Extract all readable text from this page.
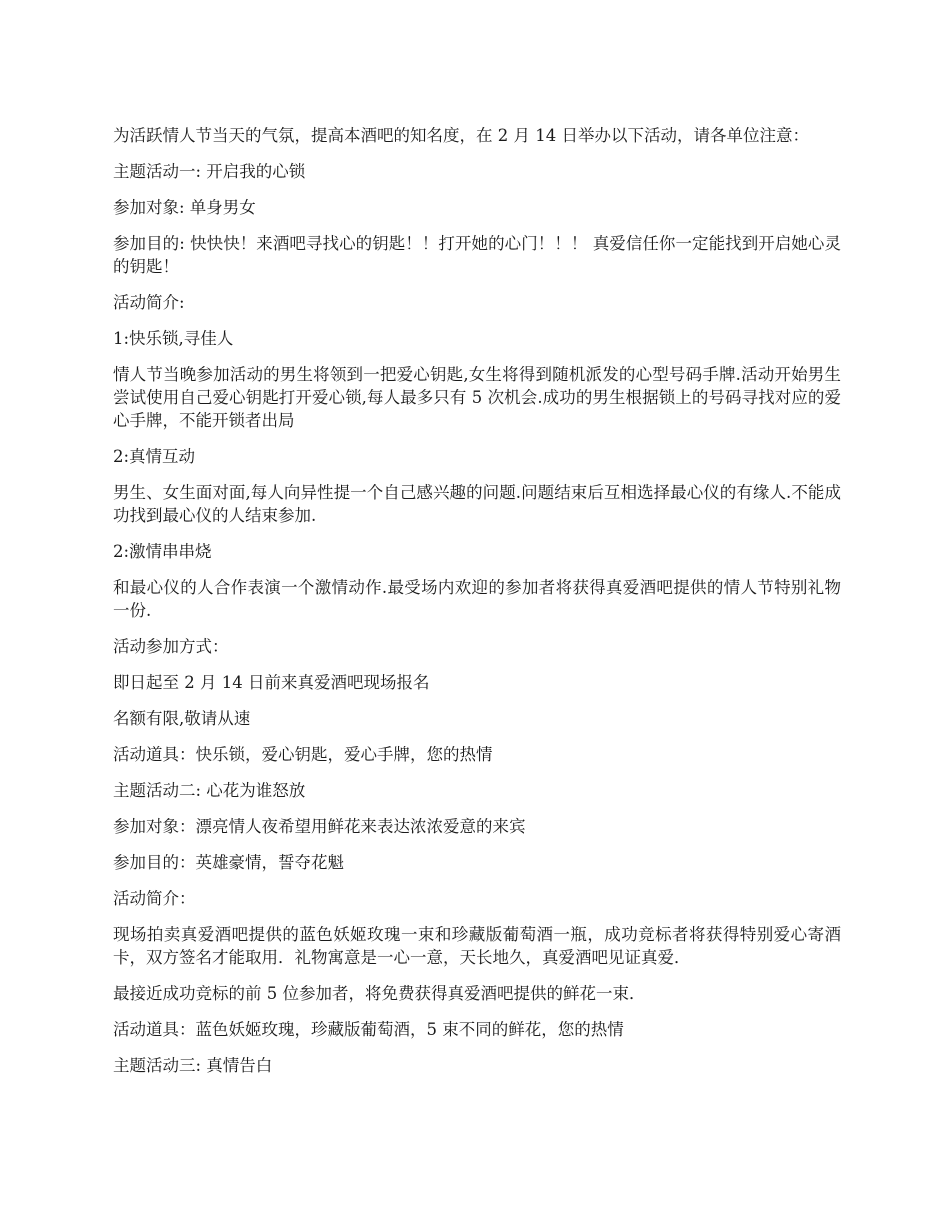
为活跃情人节当天的气氛，提高本酒吧的知名度，在 2 月 14 日举办以下活动，请各单位注意：

主题活动一: 开启我的心锁

参加对象: 单身男女

参加目的: 快快快！来酒吧寻找心的钥匙！！打开她的心门！！！ 真爱信任你一定能找到开启她心灵的钥匙！

活动简介:

1:快乐锁,寻佳人

情人节当晚参加活动的男生将领到一把爱心钥匙,女生将得到随机派发的心型号码手牌.活动开始男生尝试使用自己爱心钥匙打开爱心锁,每人最多只有 5 次机会.成功的男生根据锁上的号码寻找对应的爱心手牌，不能开锁者出局

2:真情互动

男生、女生面对面,每人向异性提一个自己感兴趣的问题.问题结束后互相选择最心仪的有缘人.不能成功找到最心仪的人结束参加.

2:激情串串烧

和最心仪的人合作表演一个激情动作.最受场内欢迎的参加者将获得真爱酒吧提供的情人节特别礼物一份.

活动参加方式：

即日起至 2 月 14 日前来真爱酒吧现场报名

名额有限,敬请从速

活动道具：快乐锁，爱心钥匙，爱心手牌，您的热情

主题活动二: 心花为谁怒放

参加对象：漂亮情人夜希望用鲜花来表达浓浓爱意的来宾

参加目的：英雄豪情，誓夺花魁

活动简介：

现场拍卖真爱酒吧提供的蓝色妖姬玫瑰一束和珍藏版葡萄酒一瓶，成功竞标者将获得特别爱心寄酒卡，双方签名才能取用．礼物寓意是一心一意，天长地久，真爱酒吧见证真爱．

最接近成功竞标的前 5 位参加者，将免费获得真爱酒吧提供的鲜花一束．

活动道具：蓝色妖姬玫瑰，珍藏版葡萄酒，5 束不同的鲜花，您的热情

主题活动三: 真情告白
